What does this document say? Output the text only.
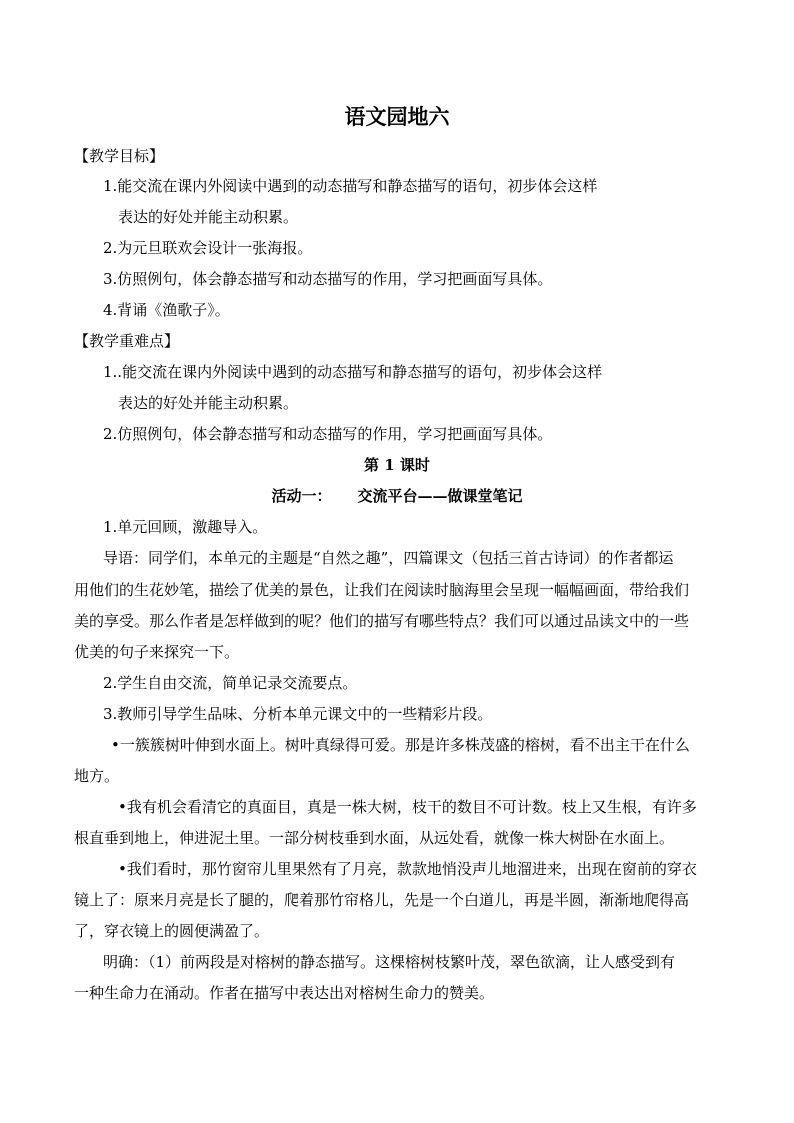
语文园地六
【教学目标】
1.能交流在课内外阅读中遇到的动态描写和静态描写的语句，初步体会这样
表达的好处并能主动积累。
2.为元旦联欢会设计一张海报。
3.仿照例句，体会静态描写和动态描写的作用，学习把画面写具体。
4.背诵《渔歌子》。
【教学重难点】
1..能交流在课内外阅读中遇到的动态描写和静态描写的语句，初步体会这样
表达的好处并能主动积累。
2.仿照例句，体会静态描写和动态描写的作用，学习把画面写具体。
第 1 课时
活动一： 交流平台——做课堂笔记
1.单元回顾，激趣导入。
导语：同学们，本单元的主题是“自然之趣”，四篇课文（包括三首古诗词）的作者都运
用他们的生花妙笔，描绘了优美的景色，让我们在阅读时脑海里会呈现一幅幅画面，带给我们
美的享受。那么作者是怎样做到的呢？他们的描写有哪些特点？我们可以通过品读文中的一些
优美的句子来探究一下。
2.学生自由交流，简单记录交流要点。
3.教师引导学生品味、分析本单元课文中的一些精彩片段。
•一簇簇树叶伸到水面上。树叶真绿得可爱。那是许多株茂盛的榕树，看不出主干在什么
地方。
•我有机会看清它的真面目，真是一株大树，枝干的数目不可计数。枝上又生根，有许多
根直垂到地上，伸进泥土里。一部分树枝垂到水面，从远处看，就像一株大树卧在水面上。
•我们看时，那竹窗帘儿里果然有了月亮，款款地悄没声儿地溜进来，出现在窗前的穿衣
镜上了：原来月亮是长了腿的，爬着那竹帘格儿，先是一个白道儿，再是半圆，渐渐地爬得高
了，穿衣镜上的圆便满盈了。
明确：（1）前两段是对榕树的静态描写。这棵榕树枝繁叶茂，翠色欲滴，让人感受到有
一种生命力在涌动。作者在描写中表达出对榕树生命力的赞美。
